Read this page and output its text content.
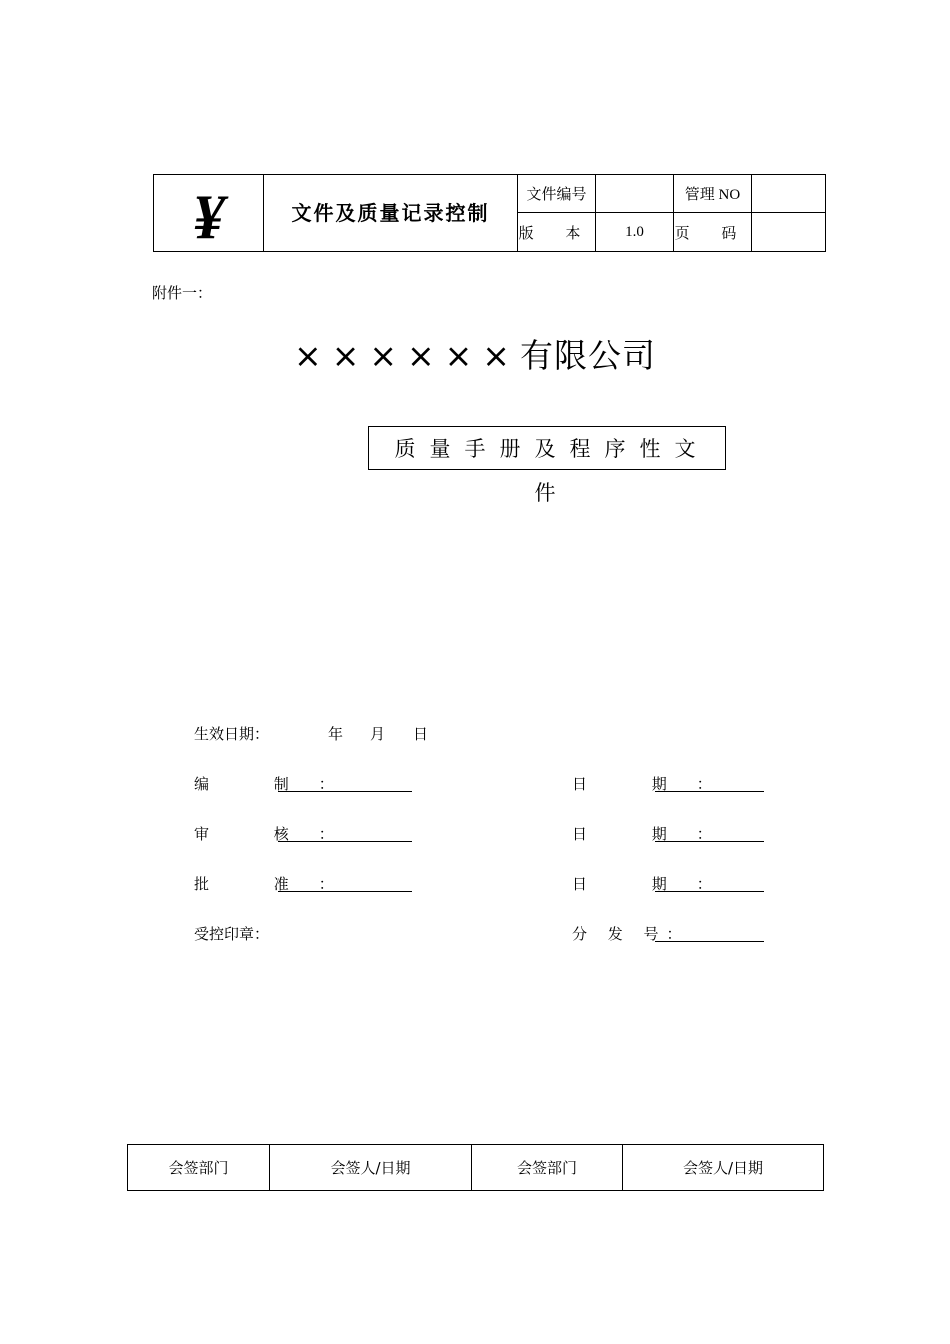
¥	文件及质量记录控制	文件编号		管理 NO	
		版 本	1.0	页 码	
附件一：
××××××有限公司
质量手册及程序性文件
生效日期：	年 月 日
编 制：	日 期：
审 核：	日 期：
批 准：	日 期：
受控印章：	分 发 号：
会签部门	会签人/日期	会签部门	会签人/日期
